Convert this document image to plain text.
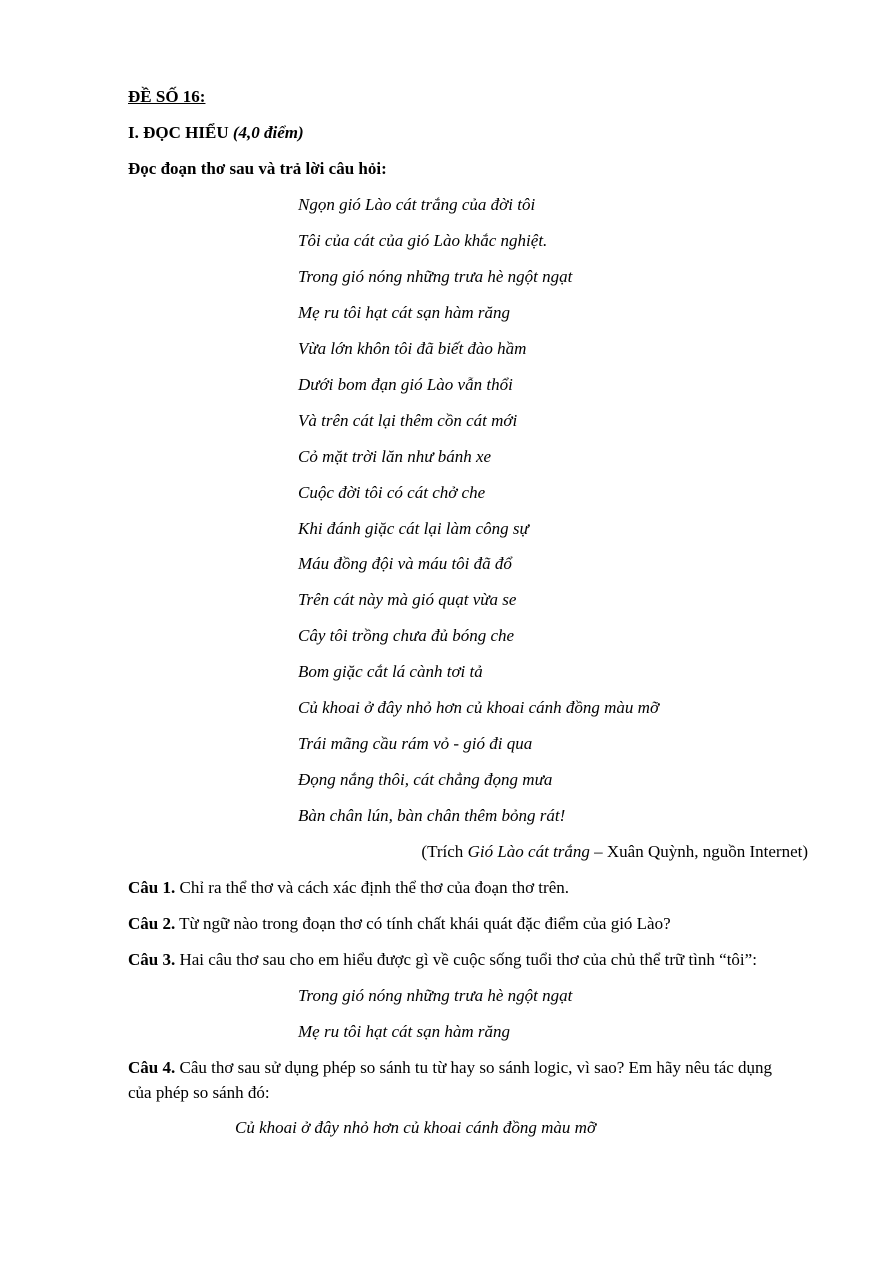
ĐỀ SỐ 16:
I. ĐỌC HIỂU (4,0 điểm)
Đọc đoạn thơ sau và trả lời câu hỏi:
Ngọn gió Lào cát trắng của đời tôi
Tôi của cát của gió Lào khắc nghiệt.
Trong gió nóng những trưa hè ngột ngạt
Mẹ ru tôi hạt cát sạn hàm răng
Vừa lớn khôn tôi đã biết đào hầm
Dưới bom đạn gió Lào vẫn thổi
Và trên cát lại thêm cồn cát mới
Cỏ mặt trời lăn như bánh xe
Cuộc đời tôi có cát chở che
Khi đánh giặc cát lại làm công sự
Máu đồng đội và máu tôi đã đổ
Trên cát này mà gió quạt vừa se
Cây tôi trồng chưa đủ bóng che
Bom giặc cắt lá cành tơi tả
Củ khoai ở đây nhỏ hơn củ khoai cánh đồng màu mỡ
Trái mãng cầu rám vỏ - gió đi qua
Đọng nắng thôi, cát chẳng đọng mưa
Bàn chân lún, bàn chân thêm bỏng rát!
(Trích Gió Lào cát trắng – Xuân Quỳnh, nguồn Internet)
Câu 1. Chỉ ra thể thơ và cách xác định thể thơ của đoạn thơ trên.
Câu 2. Từ ngữ nào trong đoạn thơ có tính chất khái quát đặc điểm của gió Lào?
Câu 3. Hai câu thơ sau cho em hiểu được gì về cuộc sống tuổi thơ của chủ thể trữ tình “tôi”:
Trong gió nóng những trưa hè ngột ngạt
Mẹ ru tôi hạt cát sạn hàm răng
Câu 4. Câu thơ sau sử dụng phép so sánh tu từ hay so sánh logic, vì sao? Em hãy nêu tác dụng của phép so sánh đó:
Củ khoai ở đây nhỏ hơn củ khoai cánh đồng màu mỡ
